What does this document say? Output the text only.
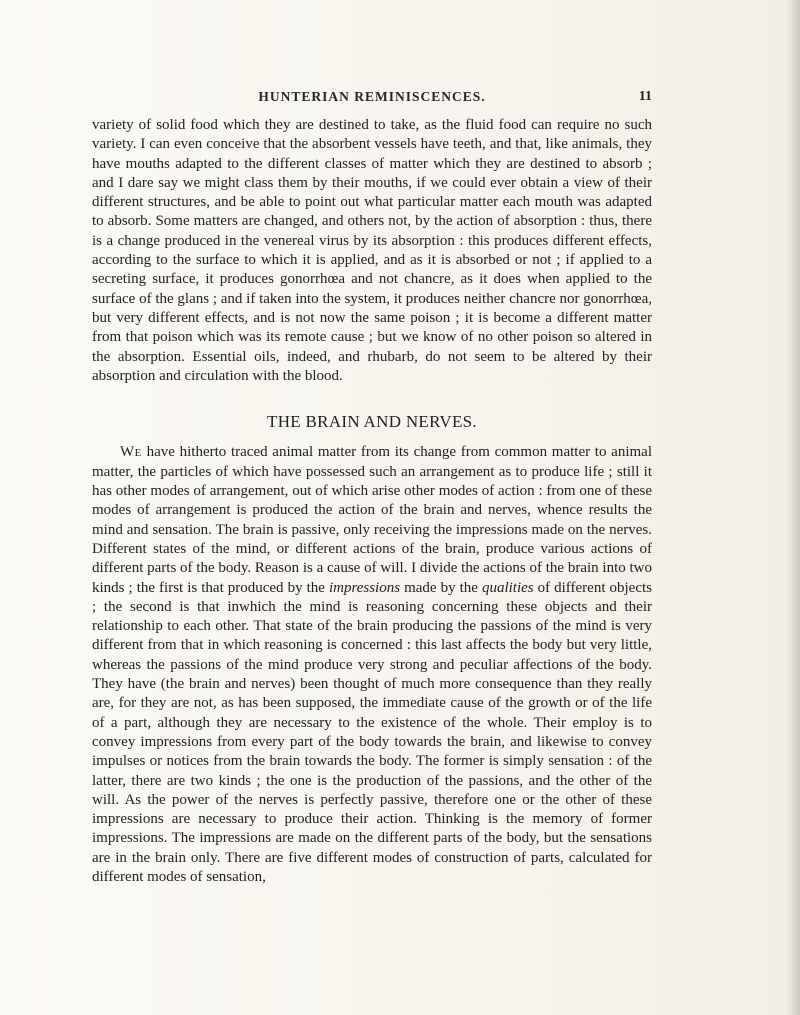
HUNTERIAN REMINISCENCES.	11

variety of solid food which they are destined to take, as the fluid food can require no such variety. I can even conceive that the absorbent vessels have teeth, and that, like animals, they have mouths adapted to the different classes of matter which they are destined to absorb ; and I dare say we might class them by their mouths, if we could ever obtain a view of their different structures, and be able to point out what particular matter each mouth was adapted to absorb. Some matters are changed, and others not, by the action of absorption : thus, there is a change produced in the venereal virus by its absorption : this produces different effects, according to the surface to which it is applied, and as it is absorbed or not ; if applied to a secreting surface, it produces gonorrhœa and not chancre, as it does when applied to the surface of the glans ; and if taken into the system, it produces neither chancre nor gonorrhœa, but very different effects, and is not now the same poison ; it is become a different matter from that poison which was its remote cause ; but we know of no other poison so altered in the absorption. Essential oils, indeed, and rhubarb, do not seem to be altered by their absorption and circulation with the blood.

THE BRAIN AND NERVES.

We have hitherto traced animal matter from its change from common matter to animal matter, the particles of which have possessed such an arrangement as to produce life ; still it has other modes of arrangement, out of which arise other modes of action : from one of these modes of arrangement is produced the action of the brain and nerves, whence results the mind and sensation. The brain is passive, only receiving the impressions made on the nerves. Different states of the mind, or different actions of the brain, produce various actions of different parts of the body. Reason is a cause of will. I divide the actions of the brain into two kinds ; the first is that produced by the impressions made by the qualities of different objects ; the second is that inwhich the mind is reasoning concerning these objects and their relationship to each other. That state of the brain producing the passions of the mind is very different from that in which reasoning is concerned : this last affects the body but very little, whereas the passions of the mind produce very strong and peculiar affections of the body. They have (the brain and nerves) been thought of much more consequence than they really are, for they are not, as has been supposed, the immediate cause of the growth or of the life of a part, although they are necessary to the existence of the whole. Their employ is to convey impressions from every part of the body towards the brain, and likewise to convey impulses or notices from the brain towards the body. The former is simply sensation : of the latter, there are two kinds ; the one is the production of the passions, and the other of the will. As the power of the nerves is perfectly passive, therefore one or the other of these impressions are necessary to produce their action. Thinking is the memory of former impressions. The impressions are made on the different parts of the body, but the sensations are in the brain only. There are five different modes of construction of parts, calculated for different modes of sensation,
